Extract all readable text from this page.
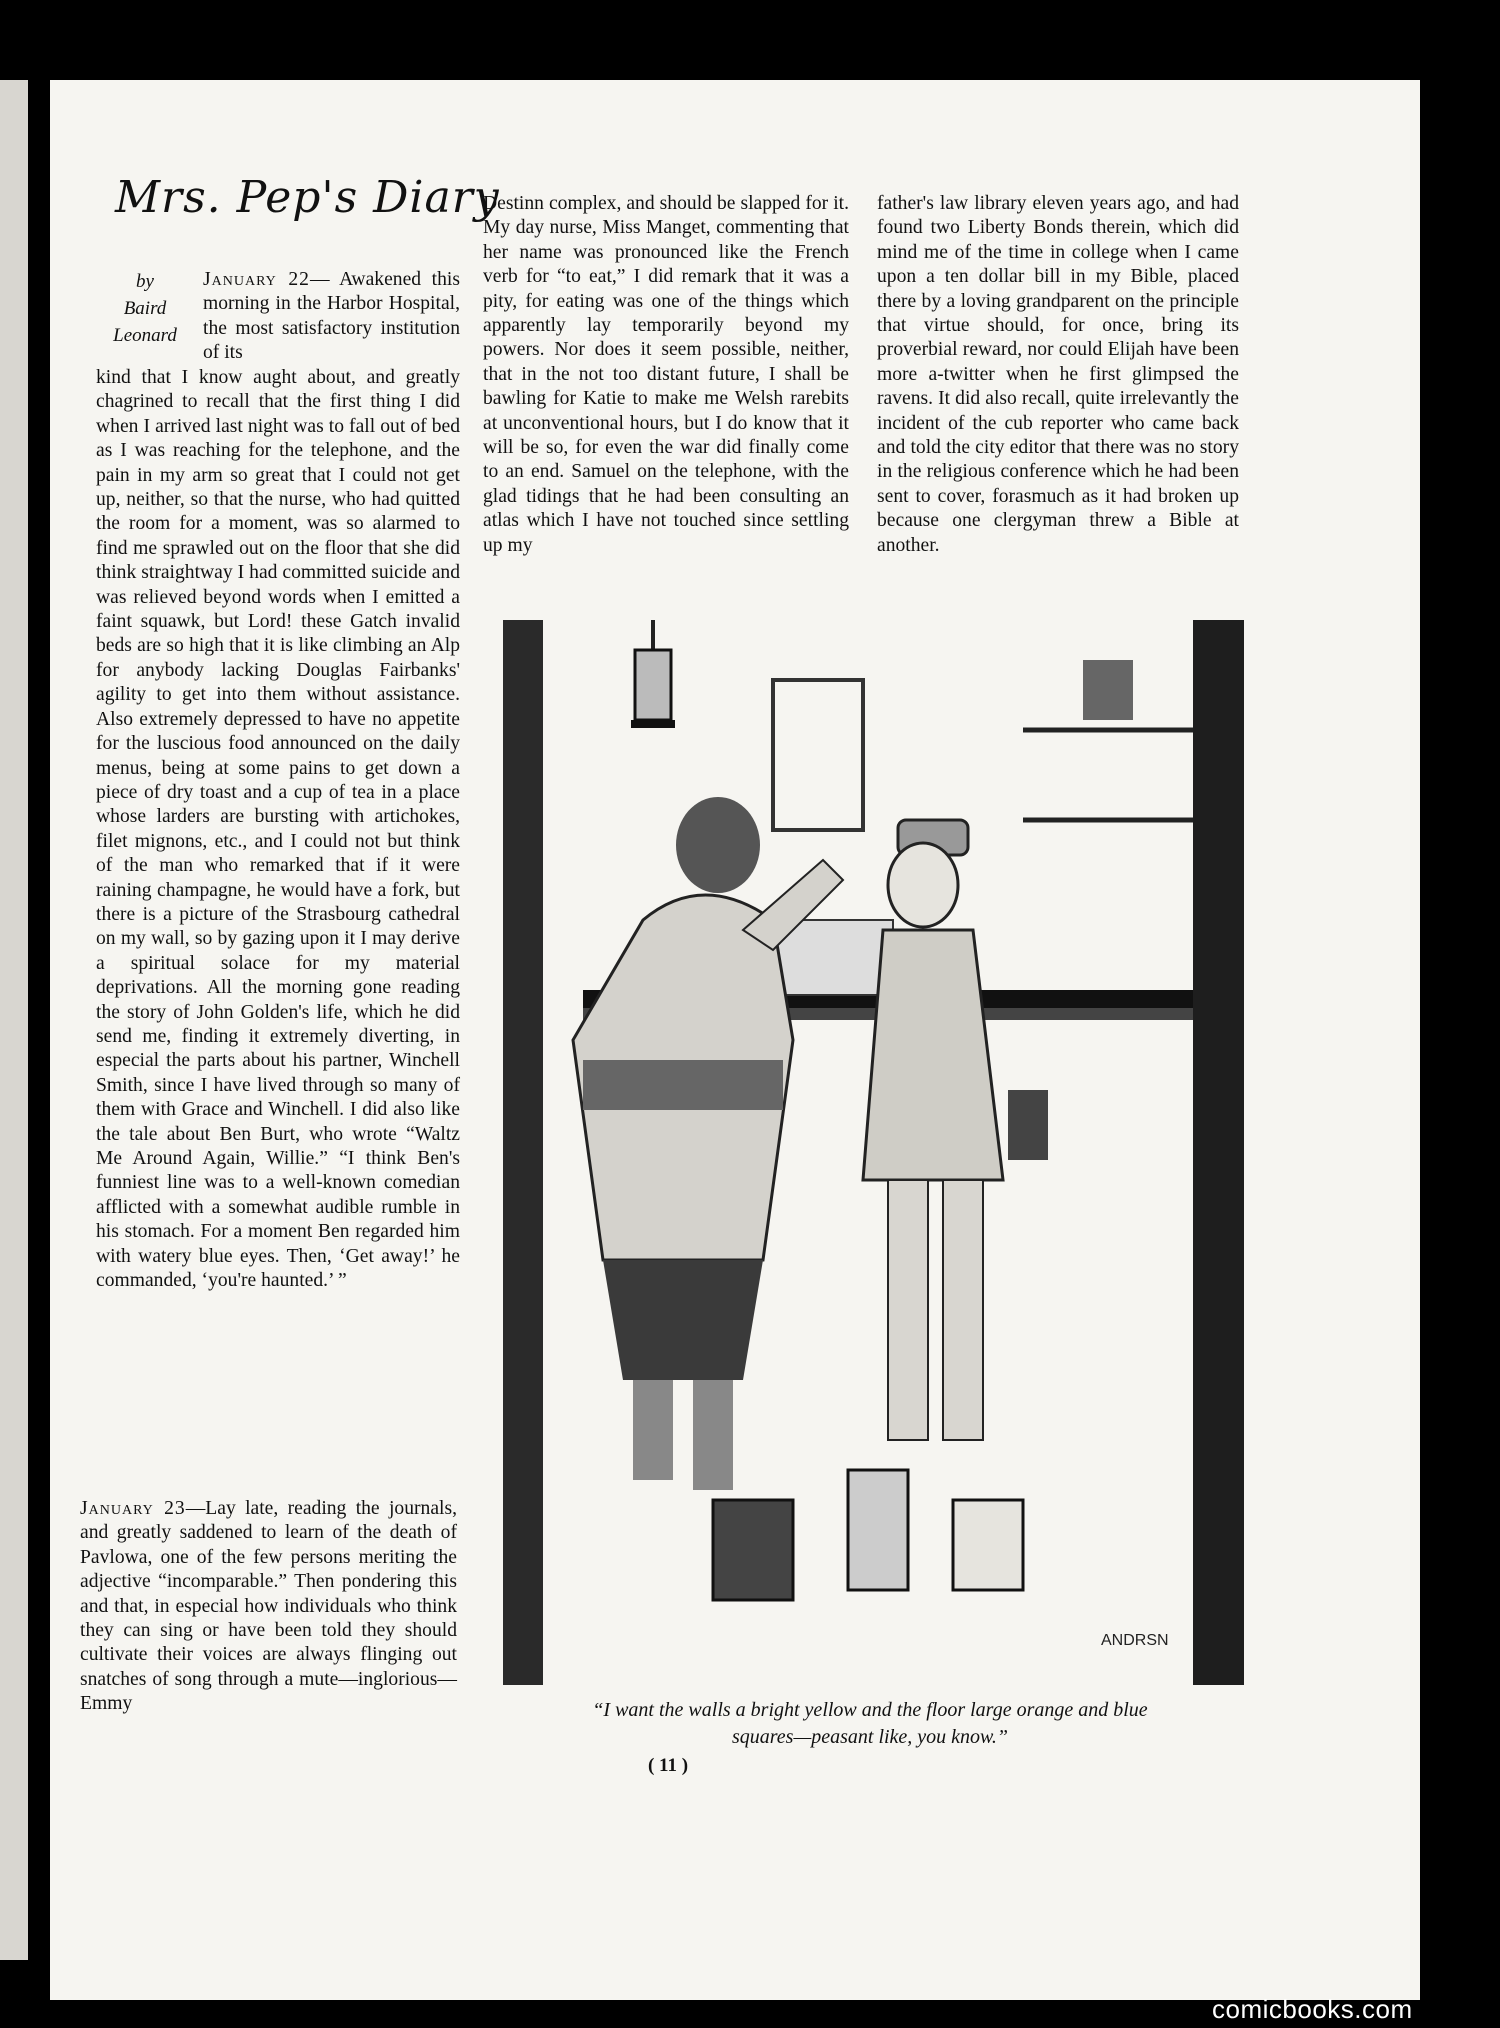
Mrs. Pep's Diary
by
Baird
Leonard

January 22— Awakened this morning in the Harbor Hospital, the most satisfactory institution of its

kind that I know aught about, and greatly chagrined to recall that the first thing I did when I arrived last night was to fall out of bed as I was reaching for the telephone, and the pain in my arm so great that I could not get up, neither, so that the nurse, who had quitted the room for a moment, was so alarmed to find me sprawled out on the floor that she did think straightway I had committed suicide and was relieved beyond words when I emitted a faint squawk, but Lord! these Gatch invalid beds are so high that it is like climbing an Alp for anybody lacking Douglas Fairbanks' agility to get into them without assistance. Also extremely depressed to have no appetite for the luscious food announced on the daily menus, being at some pains to get down a piece of dry toast and a cup of tea in a place whose larders are bursting with artichokes, filet mignons, etc., and I could not but think of the man who remarked that if it were raining champagne, he would have a fork, but there is a picture of the Strasbourg cathedral on my wall, so by gazing upon it I may derive a spiritual solace for my material deprivations. All the morning gone reading the story of John Golden's life, which he did send me, finding it extremely diverting, in especial the parts about his partner, Winchell Smith, since I have lived through so many of them with Grace and Winchell. I did also like the tale about Ben Burt, who wrote “Waltz Me Around Again, Willie.” “I think Ben's funniest line was to a well-known comedian afflicted with a somewhat audible rumble in his stomach. For a moment Ben regarded him with watery blue eyes. Then, ‘Get away!’ he commanded, ‘you're haunted.’ ”

January 23—Lay late, reading the journals, and greatly saddened to learn of the death of Pavlowa, one of the few persons meriting the adjective “incomparable.” Then pondering this and that, in especial how individuals who think they can sing or have been told they should cultivate their voices are always flinging out snatches of song through a mute—inglorious—Emmy

Destinn complex, and should be slapped for it. My day nurse, Miss Manget, commenting that her name was pronounced like the French verb for “to eat,” I did remark that it was a pity, for eating was one of the things which apparently lay temporarily beyond my powers. Nor does it seem possible, neither, that in the not too distant future, I shall be bawling for Katie to make me Welsh rarebits at unconventional hours, but I do know that it will be so, for even the war did finally come to an end. Samuel on the telephone, with the glad tidings that he had been consulting an atlas which I have not touched since settling up my

father's law library eleven years ago, and had found two Liberty Bonds therein, which did mind me of the time in college when I came upon a ten dollar bill in my Bible, placed there by a loving grandparent on the principle that virtue should, for once, bring its proverbial reward, nor could Elijah have been more a-twitter when he first glimpsed the ravens. It did also recall, quite irrelevantly the incident of the cub reporter who came back and told the city editor that there was no story in the religious conference which he had been sent to cover, forasmuch as it had broken up because one clergyman threw a Bible at another.

ANDRSN
“I want the walls a bright yellow and the floor large orange and blue squares—peasant like, you know.”
( 11 )
comicbooks.com
